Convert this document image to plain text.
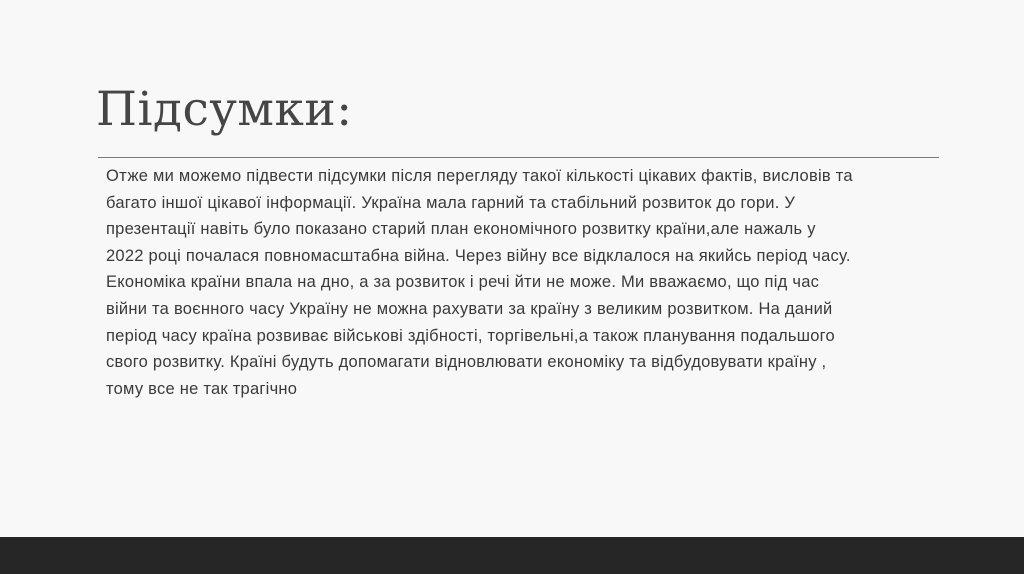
Підсумки:

Отже ми можемо підвести підсумки після перегляду такої кількості цікавих фактів, висловів та
багато іншої цікавої інформації. Україна мала гарний та стабільний розвиток до гори. У
презентації навіть було показано старий план економічного розвитку країни,але нажаль у
2022 році почалася повномасштабна війна. Через війну все відклалося на якийсь період часу.
Економіка країни впала на дно, а за розвиток і речі йти не може. Ми вважаємо, що під час
війни та воєнного часу Україну не можна рахувати за країну з великим розвитком. На даний
період часу країна розвиває військові здібності, торгівельні,а також планування подальшого
свого розвитку. Країні будуть допомагати відновлювати економіку та відбудовувати країну ,
тому все не так трагічно
